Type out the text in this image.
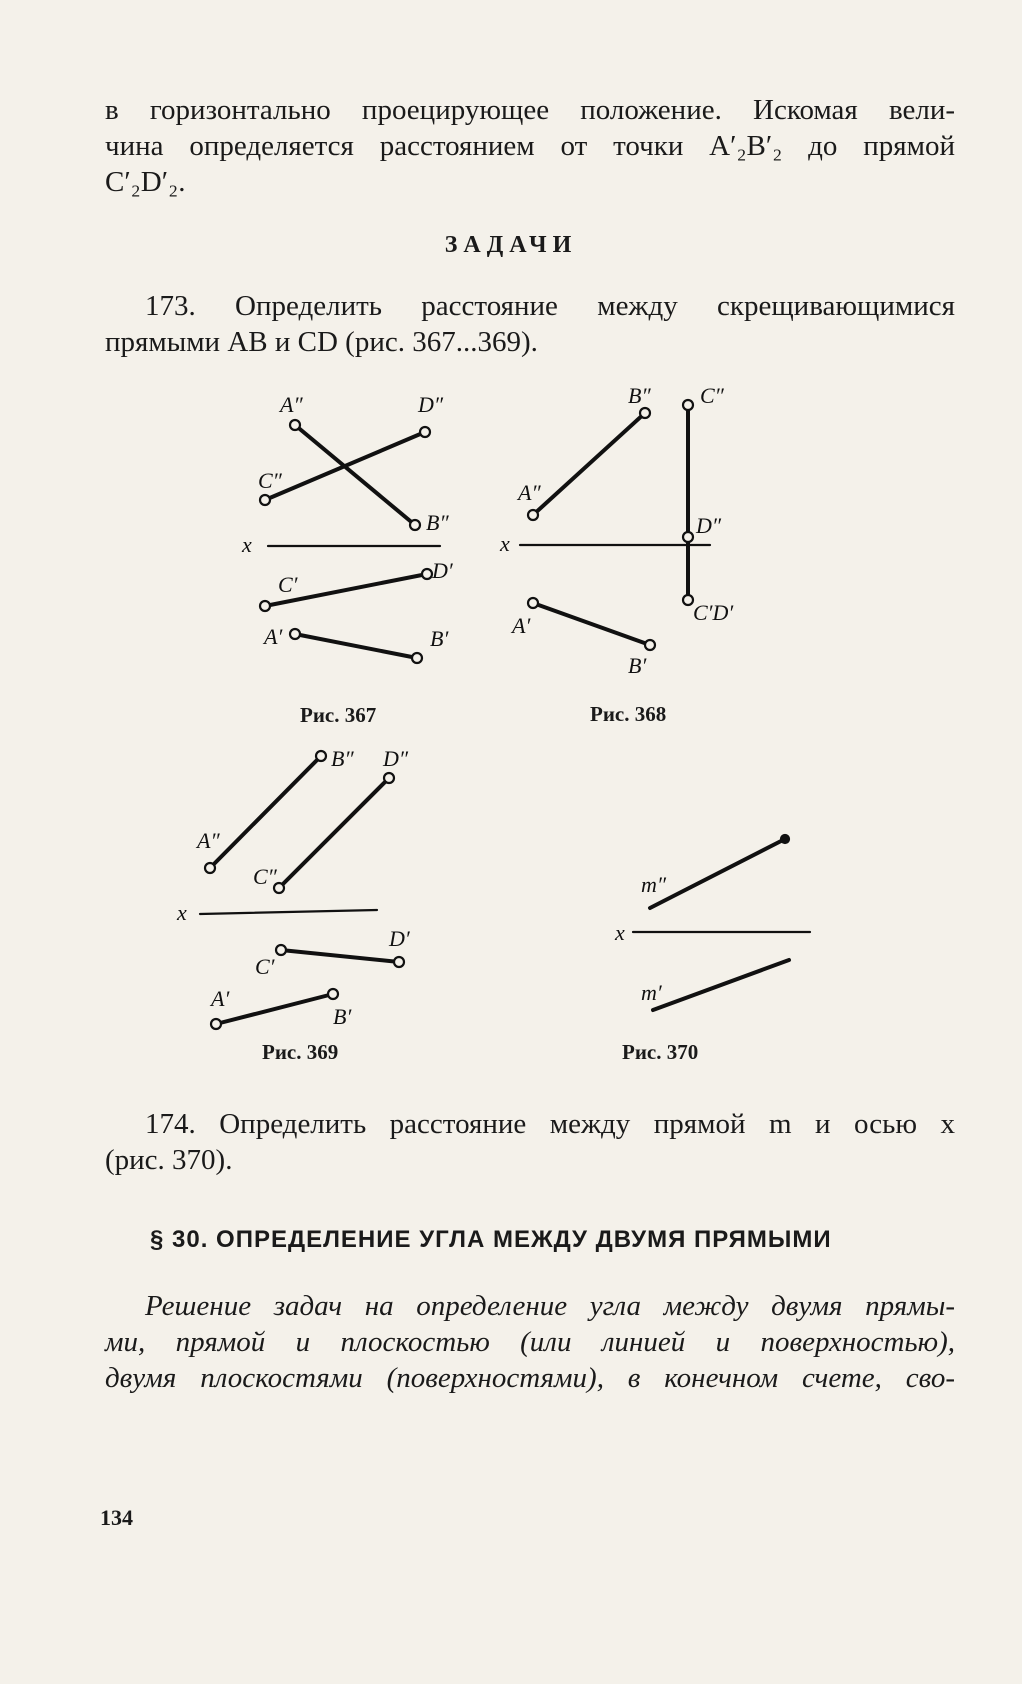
в горизонтально проецирующее положение. Искомая вели-
чина определяется расстоянием от точки A′₂B′₂ до прямой
C′₂D′₂.
ЗАДАЧИ
173. Определить расстояние между скрещивающимися
прямыми AB и CD (рис. 367...369).
A″	D″
C″
B″
x
C′
D′
A′	B′
Рис. 367
B″ C″
A″
D″
x
C′D′
A′
B′
Рис. 368
B″ D″
A″
C″
x
C′
D′
A′
B′
Рис. 369
m″
x
m′
Рис. 370
174. Определить расстояние между прямой m и осью x
(рис. 370).
§ 30. ОПРЕДЕЛЕНИЕ УГЛА МЕЖДУ ДВУМЯ ПРЯМЫМИ
Решение задач на определение угла между двумя прямы-
ми, прямой и плоскостью (или линией и поверхностью),
двумя плоскостями (поверхностями), в конечном счете, сво-
134
